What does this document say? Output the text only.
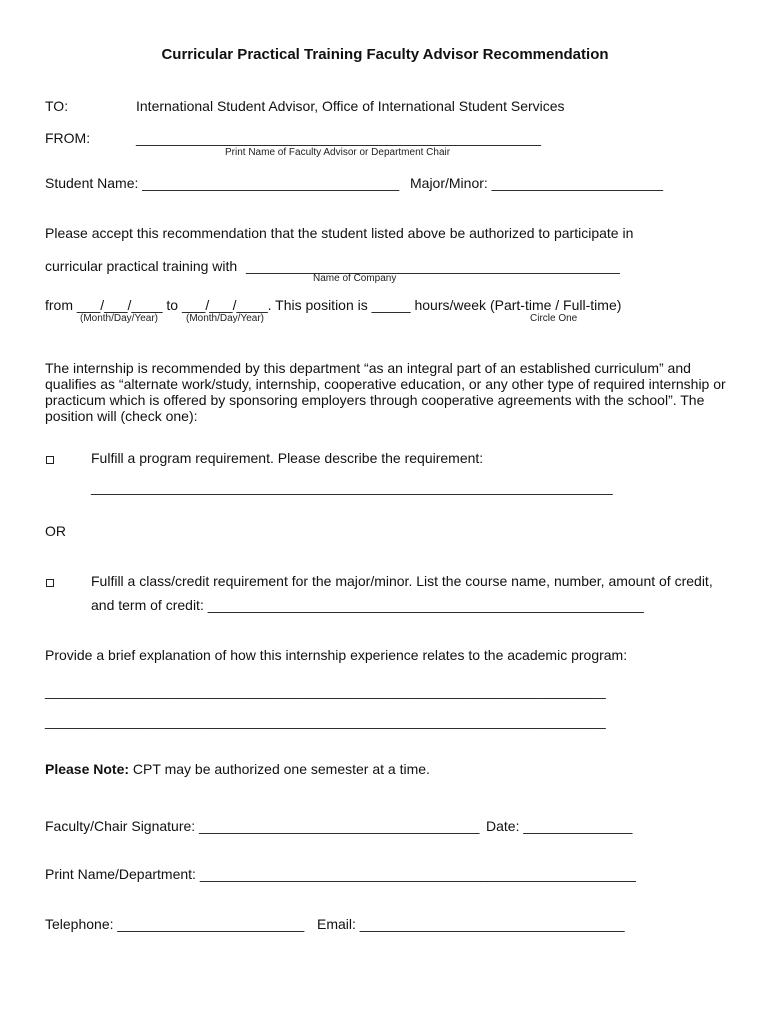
Curricular Practical Training Faculty Advisor Recommendation
TO:	International Student Advisor, Office of International Student Services
FROM:	____________________________________________________
Print Name of Faculty Advisor or Department Chair
Student Name: _________________________________ Major/Minor: ______________________
Please accept this recommendation that the student listed above be authorized to participate in
curricular practical training with ________________________________________________
Name of Company
from ___/___/____ to ___/___/____. This position is _____ hours/week (Part-time / Full-time)
(Month/Day/Year)	(Month/Day/Year)	Circle One
The internship is recommended by this department “as an integral part of an established curriculum” and qualifies as “alternate work/study, internship, cooperative education, or any other type of required internship or practicum which is offered by sponsoring employers through cooperative agreements with the school”. The position will (check one):
Fulfill a program requirement. Please describe the requirement:
___________________________________________________________________
OR
Fulfill a class/credit requirement for the major/minor. List the course name, number, amount of credit,
and term of credit: ________________________________________________________
Provide a brief explanation of how this internship experience relates to the academic program:
________________________________________________________________________
________________________________________________________________________
Please Note: CPT may be authorized one semester at a time.
Faculty/Chair Signature: ____________________________________ Date: ______________
Print Name/Department: ________________________________________________________
Telephone: ________________________ Email: __________________________________
